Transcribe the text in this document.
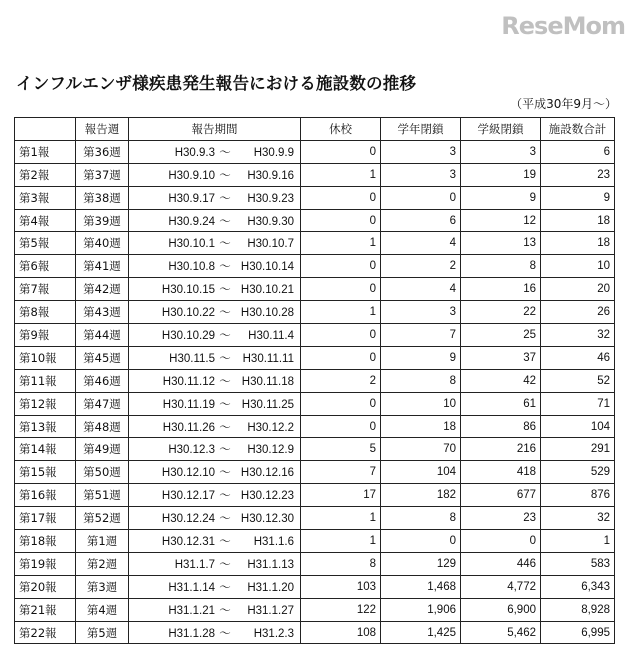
インフルエンザ様疾患発生報告における施設数の推移
（平成30年9月～）
	報告週	報告期間	休校	学年閉鎖	学級閉鎖	施設数合計
第1報	第36週	H30.9.3 ～ H30.9.9	0	3	3	6
第2報	第37週	H30.9.10 ～ H30.9.16	1	3	19	23
第3報	第38週	H30.9.17 ～ H30.9.23	0	0	9	9
第4報	第39週	H30.9.24 ～ H30.9.30	0	6	12	18
第5報	第40週	H30.10.1 ～ H30.10.7	1	4	13	18
第6報	第41週	H30.10.8 ～ H30.10.14	0	2	8	10
第7報	第42週	H30.10.15 ～ H30.10.21	0	4	16	20
第8報	第43週	H30.10.22 ～ H30.10.28	1	3	22	26
第9報	第44週	H30.10.29 ～ H30.11.4	0	7	25	32
第10報	第45週	H30.11.5 ～ H30.11.11	0	9	37	46
第11報	第46週	H30.11.12 ～ H30.11.18	2	8	42	52
第12報	第47週	H30.11.19 ～ H30.11.25	0	10	61	71
第13報	第48週	H30.11.26 ～ H30.12.2	0	18	86	104
第14報	第49週	H30.12.3 ～ H30.12.9	5	70	216	291
第15報	第50週	H30.12.10 ～ H30.12.16	7	104	418	529
第16報	第51週	H30.12.17 ～ H30.12.23	17	182	677	876
第17報	第52週	H30.12.24 ～ H30.12.30	1	8	23	32
第18報	第1週	H30.12.31 ～ H31.1.6	1	0	0	1
第19報	第2週	H31.1.7 ～ H31.1.13	8	129	446	583
第20報	第3週	H31.1.14 ～ H31.1.20	103	1,468	4,772	6,343
第21報	第4週	H31.1.21 ～ H31.1.27	122	1,906	6,900	8,928
第22報	第5週	H31.1.28 ～ H31.2.3	108	1,425	5,462	6,995
ReseMom
